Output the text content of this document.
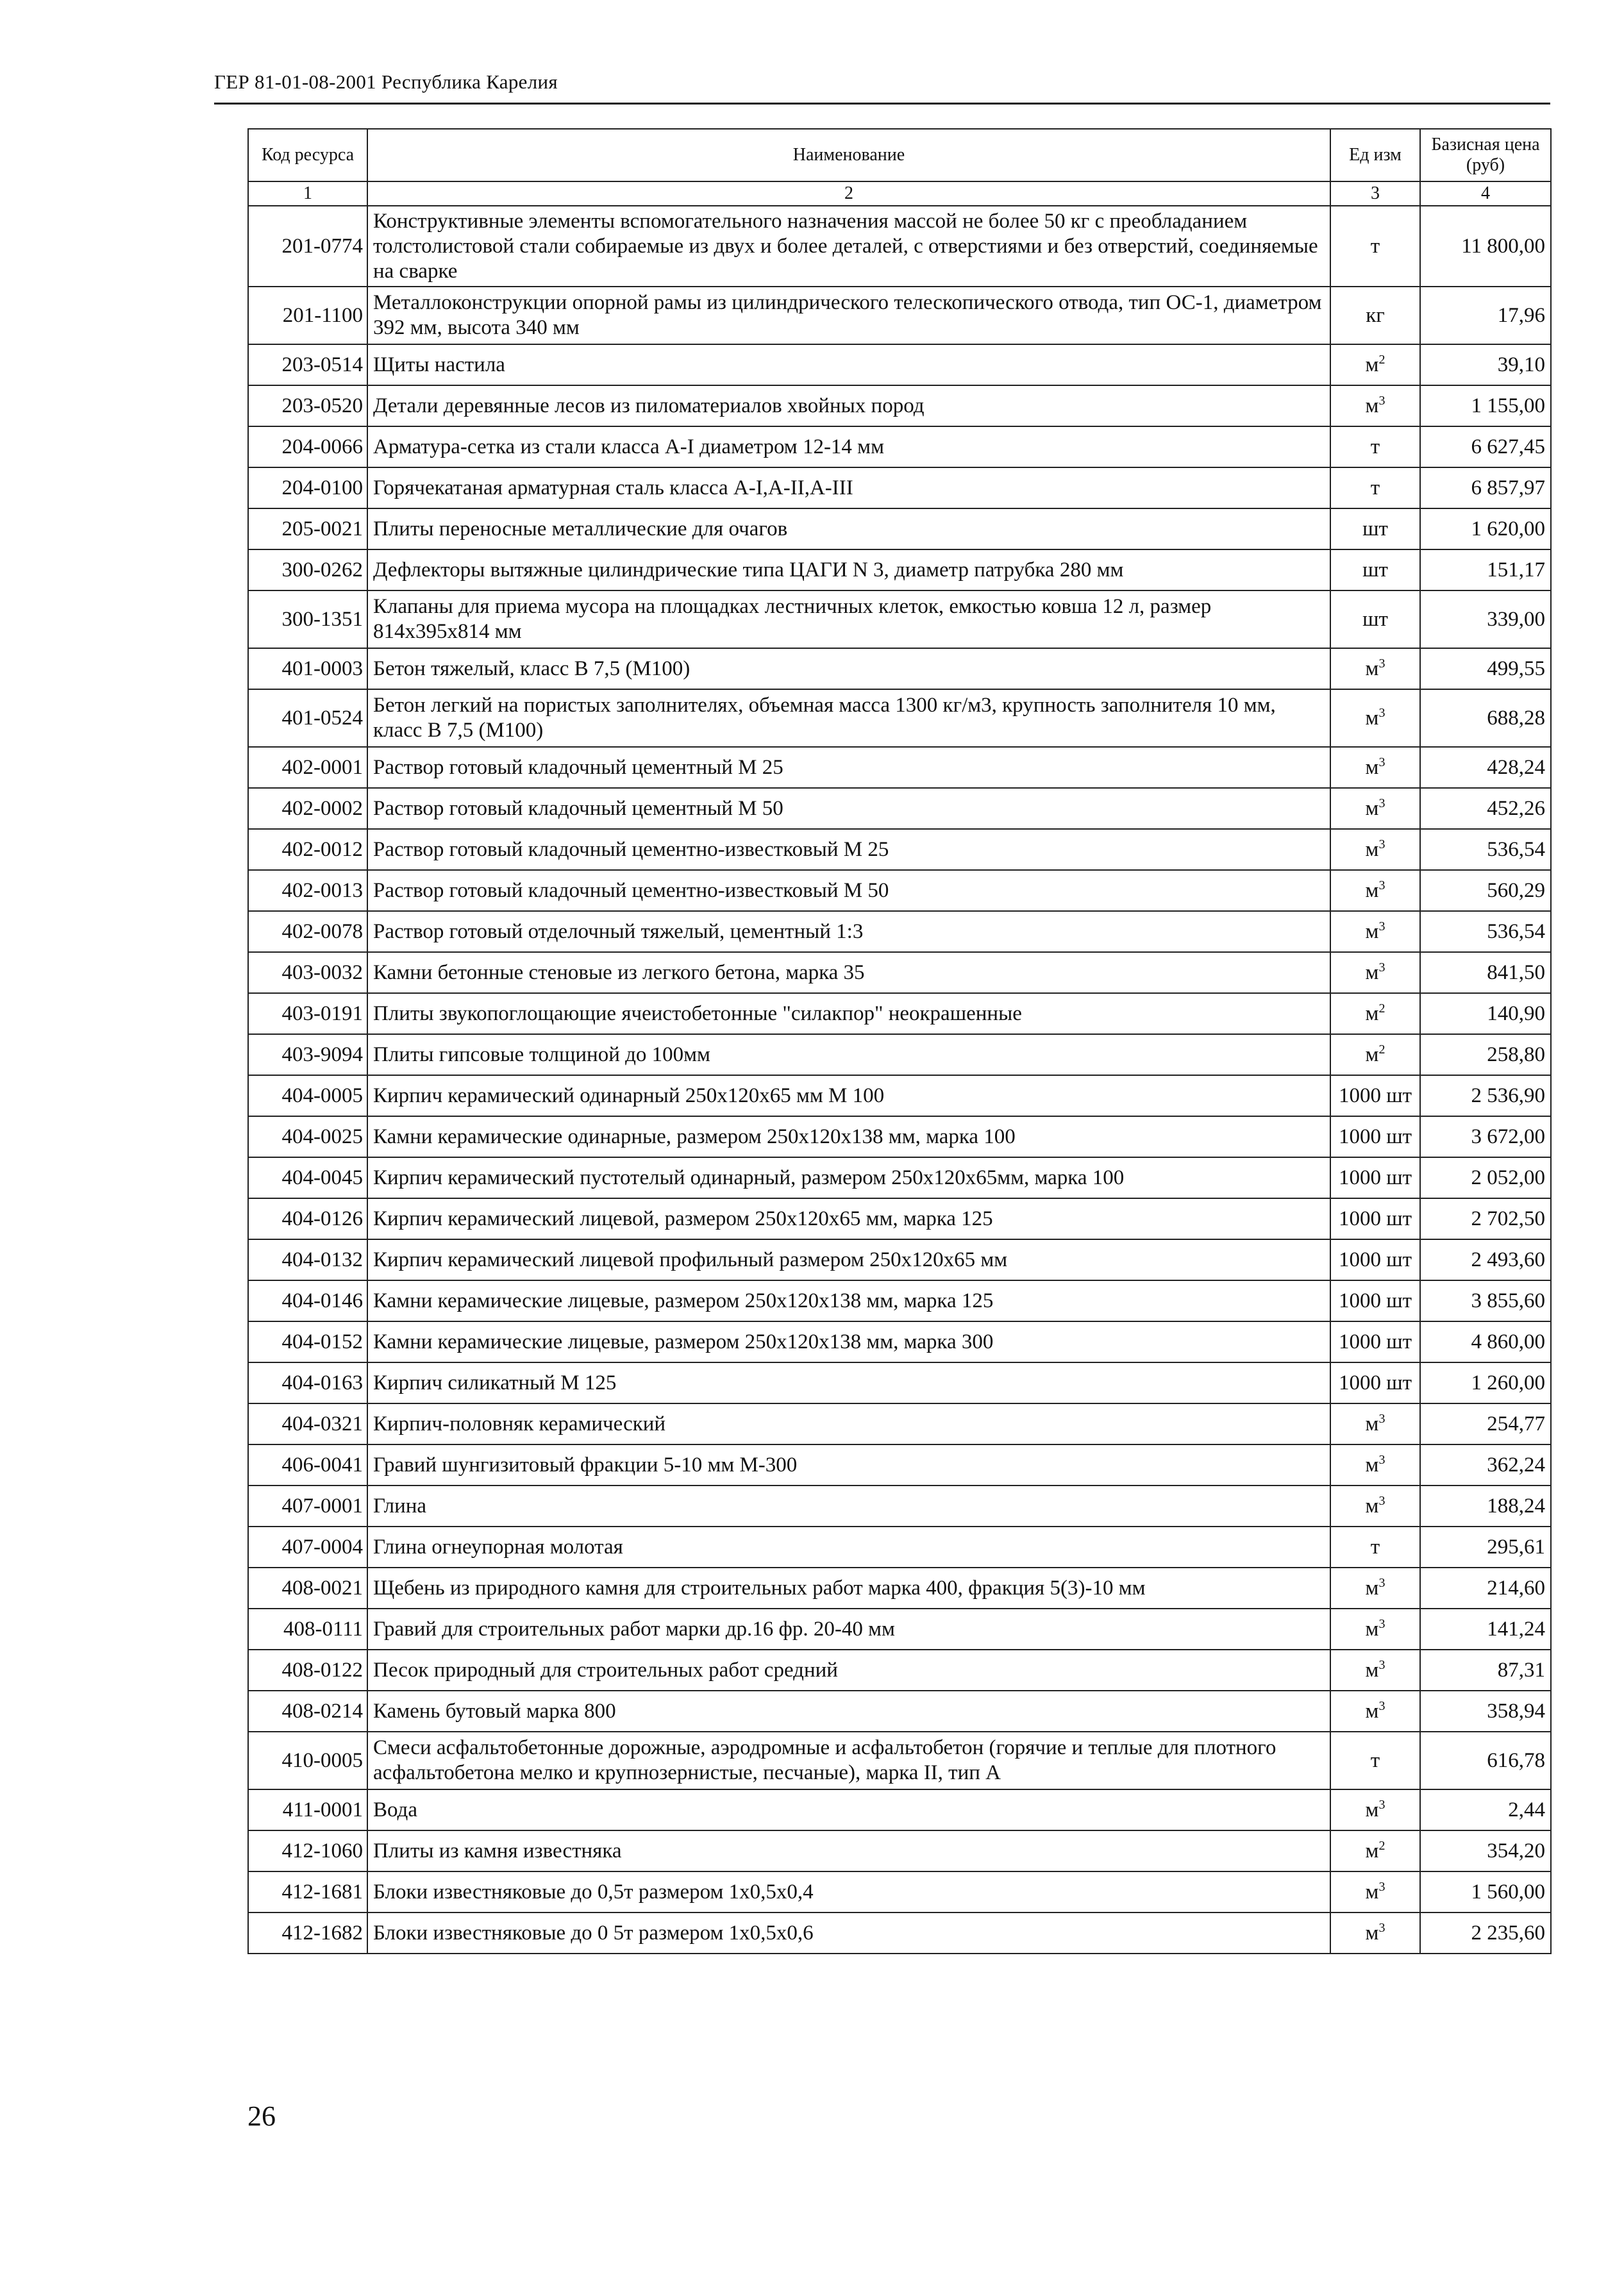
ГЕР 81-01-08-2001 Республика Карелия
Код ресурса	Наименование	Ед изм	Базисная цена (руб)
1	2	3	4
201-0774	Конструктивные элементы вспомогательного назначения массой не более 50 кг с преобладанием толстолистовой стали собираемые из двух и более деталей, с отверстиями и без отверстий, соединяемые на сварке	т	11 800,00
201-1100	Металлоконструкции опорной рамы из цилиндрического телескопического отвода, тип ОС-1, диаметром 392 мм, высота 340 мм	кг	17,96
203-0514	Щиты настила	$м^2$	39,10
203-0520	Детали деревянные лесов из пиломатериалов хвойных пород	$м^3$	1 155,00
204-0066	Арматура-сетка из стали класса А-I диаметром 12-14 мм	т	6 627,45
204-0100	Горячекатаная арматурная сталь класса А-I,А-II,А-III	т	6 857,97
205-0021	Плиты переносные металлические для очагов	шт	1 620,00
300-0262	Дефлекторы вытяжные цилиндрические типа ЦАГИ N 3, диаметр патрубка 280 мм	шт	151,17
300-1351	Клапаны для приема мусора на площадках лестничных клеток, емкостью ковша 12 л, размер 814х395х814 мм	шт	339,00
401-0003	Бетон тяжелый, класс В 7,5 (М100)	$м^3$	499,55
401-0524	Бетон легкий на пористых заполнителях, объемная масса 1300 кг/м3, крупность заполнителя 10 мм, класс В 7,5 (М100)	$м^3$	688,28
402-0001	Раствор готовый кладочный цементный М 25	$м^3$	428,24
402-0002	Раствор готовый кладочный цементный М 50	$м^3$	452,26
402-0012	Раствор готовый кладочный цементно-известковый М 25	$м^3$	536,54
402-0013	Раствор готовый кладочный цементно-известковый М 50	$м^3$	560,29
402-0078	Раствор готовый отделочный тяжелый, цементный 1:3	$м^3$	536,54
403-0032	Камни бетонные стеновые из легкого бетона, марка 35	$м^3$	841,50
403-0191	Плиты звукопоглощающие ячеистобетонные "силакпор" неокрашенные	$м^2$	140,90
403-9094	Плиты гипсовые толщиной до 100мм	$м^2$	258,80
404-0005	Кирпич керамический одинарный 250х120х65 мм М 100	1000 шт	2 536,90
404-0025	Камни керамические одинарные, размером 250х120х138 мм, марка 100	1000 шт	3 672,00
404-0045	Кирпич керамический пустотелый одинарный, размером 250х120х65мм, марка 100	1000 шт	2 052,00
404-0126	Кирпич керамический лицевой, размером 250х120х65 мм, марка 125	1000 шт	2 702,50
404-0132	Кирпич керамический лицевой профильный размером 250х120х65 мм	1000 шт	2 493,60
404-0146	Камни керамические лицевые, размером 250х120х138 мм, марка 125	1000 шт	3 855,60
404-0152	Камни керамические лицевые, размером 250х120х138 мм, марка 300	1000 шт	4 860,00
404-0163	Кирпич силикатный М 125	1000 шт	1 260,00
404-0321	Кирпич-половняк керамический	$м^3$	254,77
406-0041	Гравий шунгизитовый фракции 5-10 мм М-300	$м^3$	362,24
407-0001	Глина	$м^3$	188,24
407-0004	Глина огнеупорная молотая	т	295,61
408-0021	Щебень из природного камня для строительных работ марка 400, фракция 5(3)-10 мм	$м^3$	214,60
408-0111	Гравий для строительных работ марки др.16 фр. 20-40 мм	$м^3$	141,24
408-0122	Песок природный для строительных работ средний	$м^3$	87,31
408-0214	Камень бутовый марка 800	$м^3$	358,94
410-0005	Смеси асфальтобетонные дорожные, аэродромные и асфальтобетон (горячие и теплые для плотного асфальтобетона мелко и крупнозернистые, песчаные), марка II, тип А	т	616,78
411-0001	Вода	$м^3$	2,44
412-1060	Плиты из камня известняка	$м^2$	354,20
412-1681	Блоки известняковые до 0,5т размером 1х0,5х0,4	$м^3$	1 560,00
412-1682	Блоки известняковые до 0 5т размером 1х0,5х0,6	$м^3$	2 235,60
26
